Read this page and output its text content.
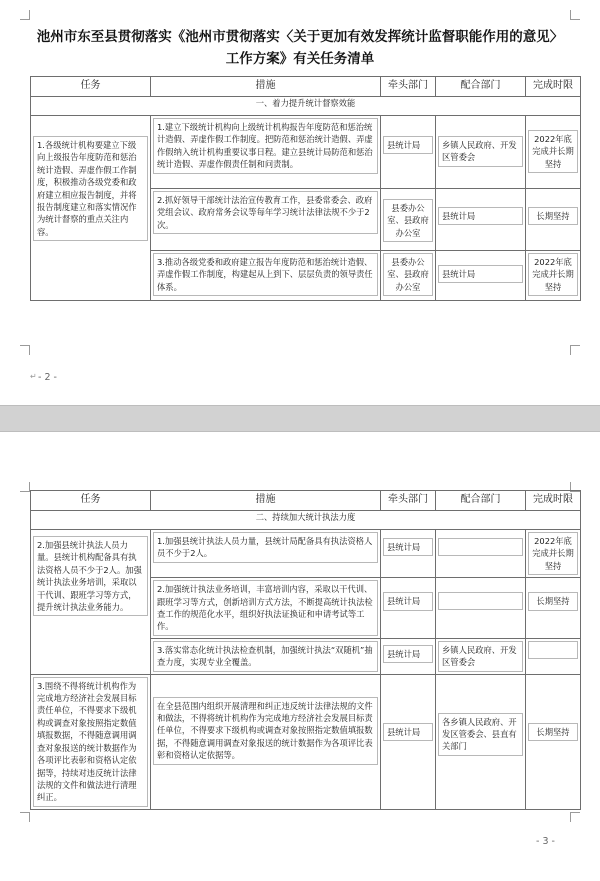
池州市东至县贯彻落实《池州市贯彻落实〈关于更加有效发挥统计监督职能作用的意见〉
工作方案》有关任务清单
任务	措施	牵头部门	配合部门	完成时限
一、着力提升统计督察效能				

1.各级统计机构要建立下级向上级报告年度防范和惩治统计造假、弄虚作假工作制度，积极推动各级党委和政府建立相应报告制度，并将报告制度建立和落实情况作为统计督察的重点关注内容。	1.建立下级统计机构向上级统计机构报告年度防范和惩治统计造假、弄虚作假工作制度。把防范和惩治统计造假、弄虚作假纳入统计机构重要议事日程。建立县统计局防范和惩治统计造假、弄虚作假责任制和问责制。	县统计局	乡镇人民政府、开发区管委会	2022年底完成并长期坚持

	2.抓好领导干部统计法治宣传教育工作，县委常委会、政府党组会议、政府常务会议等每年学习统计法律法规不少于2次。	县委办公室、县政府办公室	县统计局	长期坚持

	3.推动各级党委和政府建立报告年度防范和惩治统计造假、弄虚作假工作制度，构建起从上到下、层层负责的领导责任体系。	县委办公室、县政府办公室	县统计局	2022年底完成并长期坚持
↵ - 2 -
任务	措施	牵头部门	配合部门	完成时限
二、持续加大统计执法力度				

2.加强县统计执法人员力量。县统计机构配备具有执法资格人员不少于2人。加强统计执法业务培训，采取以干代训、跟班学习等方式，提升统计执法业务能力。	1.加强县统计执法人员力量，县统计局配备具有执法资格人员不少于2人。	县统计局		2022年底完成并长期坚持

	2.加强统计执法业务培训，丰富培训内容，采取以干代训、跟班学习等方式，创新培训方式方法，不断提高统计执法检查工作的规范化水平，组织好执法证换证和申请考试等工作。	县统计局		长期坚持

	3.落实常态化统计执法检查机制，加强统计执法“双随机”抽查力度，实现专业全覆盖。	县统计局	乡镇人民政府、开发区管委会	

3.围绕不得将统计机构作为完成地方经济社会发展目标责任单位，不得要求下级机构或调查对象按照指定数值填报数据，不得随意调用调查对象报送的统计数据作为各项评比表彰和资格认定依据等，持续对违反统计法律法规的文件和做法进行清理纠正。	在全县范围内组织开展清理和纠正违反统计法律法规的文件和做法，不得将统计机构作为完成地方经济社会发展目标责任单位，不得要求下级机构或调查对象按照指定数值填报数据，不得随意调用调查对象报送的统计数据作为各项评比表彰和资格认定依据等。	县统计局	各乡镇人民政府、开发区管委会、县直有关部门	长期坚持
- 3 -
